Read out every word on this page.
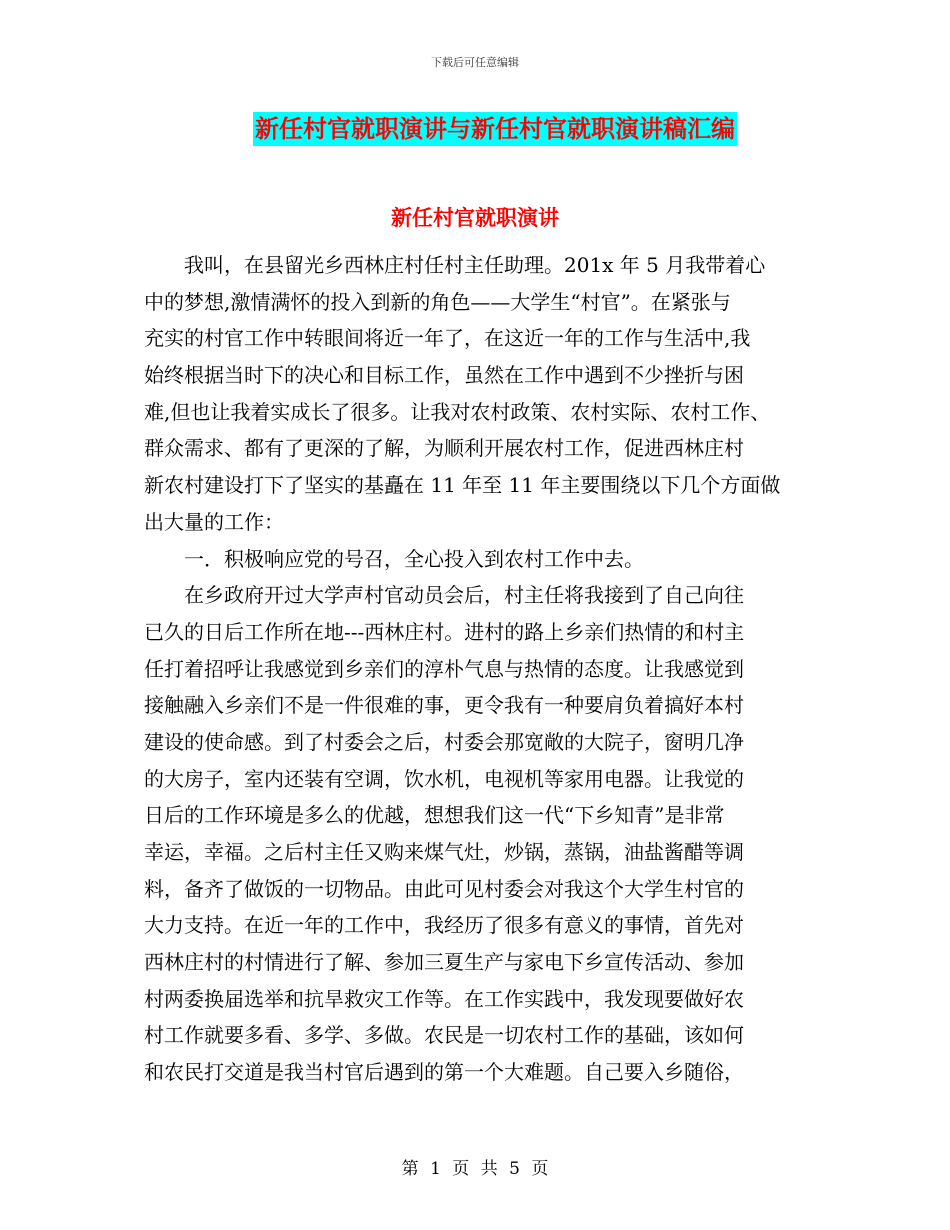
下载后可任意编辑
新任村官就职演讲与新任村官就职演讲稿汇编
新任村官就职演讲
　　我叫，在县留光乡西林庄村任村主任助理。201x 年 5 月我带着心
中的梦想,激情满怀的投入到新的角色——大学生“村官”。在紧张与
充实的村官工作中转眼间将近一年了，在这近一年的工作与生活中,我
始终根据当时下的决心和目标工作，虽然在工作中遇到不少挫折与困
难,但也让我着实成长了很多。让我对农村政策、农村实际、农村工作、
群众需求、都有了更深的了解，为顺利开展农村工作，促进西林庄村
新农村建设打下了坚实的基矗在 11 年至 11 年主要围绕以下几个方面做
出大量的工作：
　　一．积极响应党的号召，全心投入到农村工作中去。
　　在乡政府开过大学声村官动员会后，村主任将我接到了自己向往
已久的日后工作所在地---西林庄村。进村的路上乡亲们热情的和村主
任打着招呼让我感觉到乡亲们的淳朴气息与热情的态度。让我感觉到
接触融入乡亲们不是一件很难的事，更令我有一种要肩负着搞好本村
建设的使命感。到了村委会之后，村委会那宽敞的大院子，窗明几净
的大房子，室内还装有空调，饮水机，电视机等家用电器。让我觉的
日后的工作环境是多么的优越，想想我们这一代“下乡知青”是非常
幸运，幸福。之后村主任又购来煤气灶，炒锅，蒸锅，油盐酱醋等调
料，备齐了做饭的一切物品。由此可见村委会对我这个大学生村官的
大力支持。在近一年的工作中，我经历了很多有意义的事情，首先对
西林庄村的村情进行了解、参加三夏生产与家电下乡宣传活动、参加
村两委换届选举和抗旱救灾工作等。在工作实践中，我发现要做好农
村工作就要多看、多学、多做。农民是一切农村工作的基础，该如何
和农民打交道是我当村官后遇到的第一个大难题。自己要入乡随俗，
第 1 页 共 5 页
